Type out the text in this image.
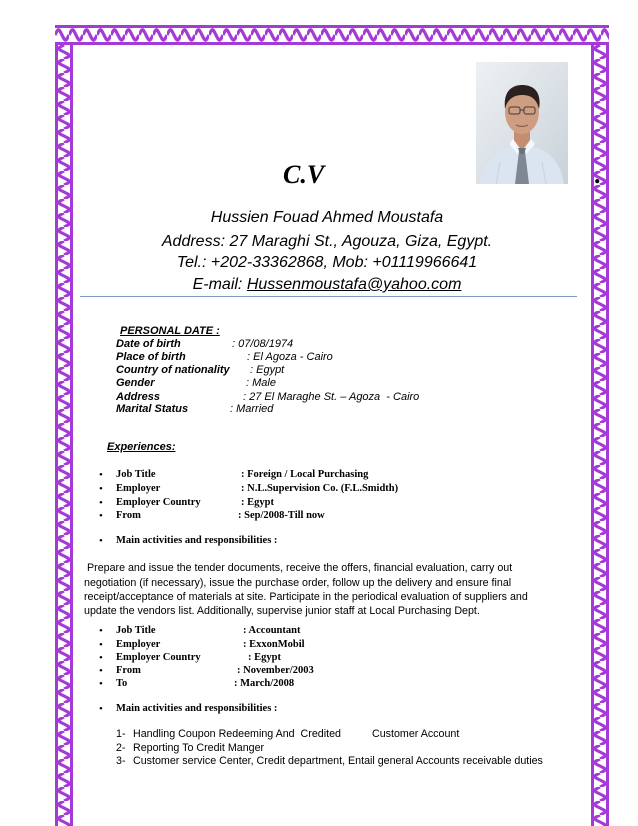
C.V	.
Hussien Fouad Ahmed Moustafa
Address: 27 Maraghi St., Agouza, Giza, Egypt.
Tel.: +202-33362868, Mob: +01119966641
E-mail: Hussenmoustafa@yahoo.com
PERSONAL DATE :
Date of birth	: 07/08/1974
Place of birth	: El Agoza - Cairo
Country of nationality : Egypt
Gender	: Male
Address	: 27 El Maraghe St. – Agoza  - Cairo
Marital Status	: Married
Experiences:
•
Job Title	: Foreign / Local Purchasing
•
Employer	: N.L.Supervision Co. (F.L.Smidth)
•
Employer Country	: Egypt
•
From	: Sep/2008-Till now
•
Main activities and responsibilities :
Prepare and issue the tender documents, receive the offers, financial evaluation, carry out
negotiation (if necessary), issue the purchase order, follow up the delivery and ensure final
receipt/acceptance of materials at site. Participate in the periodical evaluation of suppliers and
update the vendors list. Additionally, supervise junior staff at Local Purchasing Dept.
•
Job Title	: Accountant
•
Employer	: ExxonMobil
•
Employer Country	: Egypt
•
From	: November/2003
•
To	: March/2008
•
Main activities and responsibilities :
1- Handling Coupon Redeeming And  Credited	Customer Account
2- Reporting To Credit Manger
3- Customer service Center, Credit department, Entail general Accounts receivable duties
